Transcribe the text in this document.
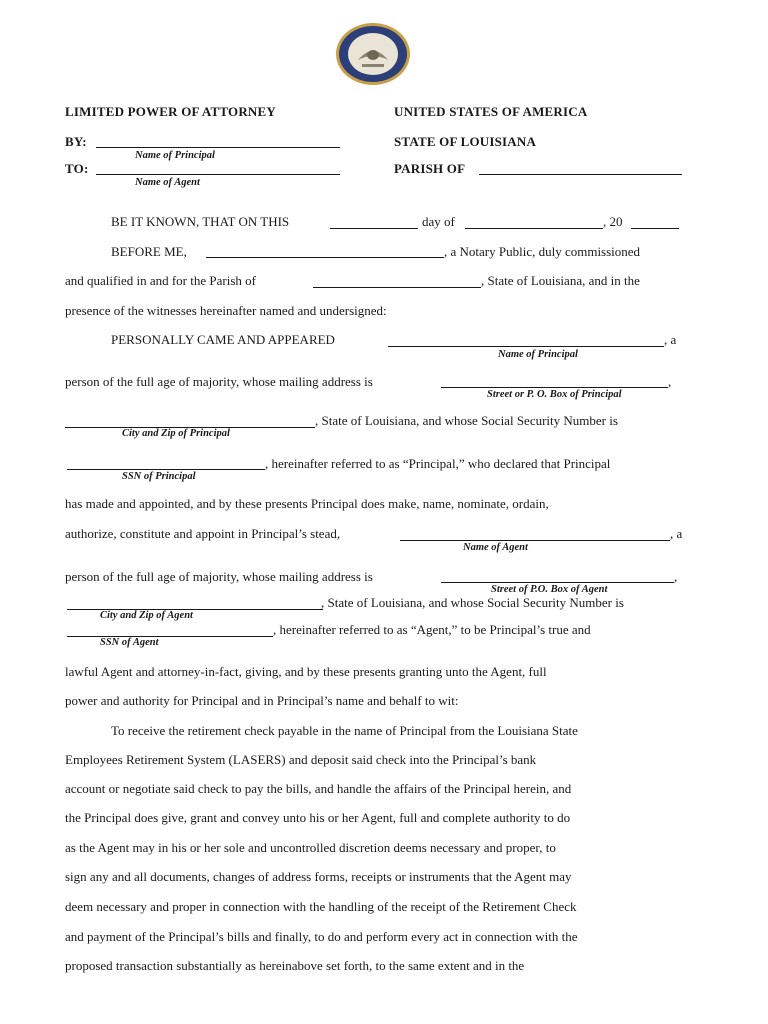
LIMITED POWER OF ATTORNEY	UNITED STATES OF AMERICA
BY:
Name of Principal
STATE OF LOUISIANA
TO:
Name of Agent
PARISH OF
BE IT KNOWN, THAT ON THIS	day of	, 20
BEFORE ME,	, a Notary Public, duly commissioned
and qualified in and for the Parish of	, State of Louisiana, and in the
presence of the witnesses hereinafter named and undersigned:
PERSONALLY CAME AND APPEARED	, a
Name of Principal
person of the full age of majority, whose mailing address is	,
Street or P. O. Box of Principal
, State of Louisiana, and whose Social Security Number is
City and Zip of Principal
, hereinafter referred to as “Principal,” who declared that Principal
SSN of Principal
has made and appointed, and by these presents Principal does make, name, nominate, ordain,
authorize, constitute and appoint in Principal’s stead,	, a
Name of Agent
person of the full age of majority, whose mailing address is	,
Street of P.O. Box of Agent
, State of Louisiana, and whose Social Security Number is
City and Zip of Agent
, hereinafter referred to as “Agent,” to be Principal’s true and
SSN of Agent
lawful Agent and attorney-in-fact, giving, and by these presents granting unto the Agent, full
power and authority for Principal and in Principal’s name and behalf to wit:
To receive the retirement check payable in the name of Principal from the Louisiana State
Employees Retirement System (LASERS) and deposit said check into the Principal’s bank
account or negotiate said check to pay the bills, and handle the affairs of the Principal herein, and
the Principal does give, grant and convey unto his or her Agent, full and complete authority to do
as the Agent may in his or her sole and uncontrolled discretion deems necessary and proper, to
sign any and all documents, changes of address forms, receipts or instruments that the Agent may
deem necessary and proper in connection with the handling of the receipt of the Retirement Check
and payment of the Principal’s bills and finally, to do and perform every act in connection with the
proposed transaction substantially as hereinabove set forth, to the same extent and in the
